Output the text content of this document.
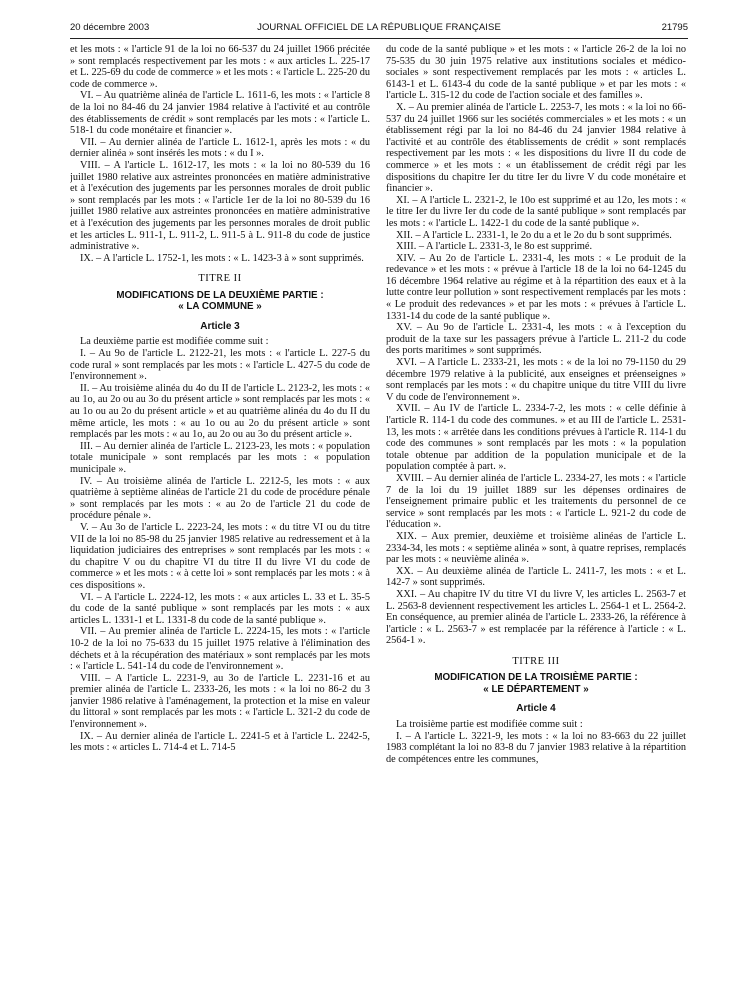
20 décembre 2003	JOURNAL OFFICIEL DE LA RÉPUBLIQUE FRANÇAISE	21795

et les mots : « l'article 91 de la loi no 66-537 du 24 juillet 1966 précitée » sont remplacés respectivement par les mots : « aux articles L. 225-17 et L. 225-69 du code de commerce » et les mots : « l'article L. 225-20 du code de commerce ».

VI. – Au quatrième alinéa de l'article L. 1611-6, les mots : « l'article 8 de la loi no 84-46 du 24 janvier 1984 relative à l'activité et au contrôle des établissements de crédit » sont remplacés par les mots : « l'article L. 518-1 du code monétaire et financier ».

VII. – Au dernier alinéa de l'article L. 1612-1, après les mots : « du dernier alinéa » sont insérés les mots : « du I ».

VIII. – A l'article L. 1612-17, les mots : « la loi no 80-539 du 16 juillet 1980 relative aux astreintes prononcées en matière administrative et à l'exécution des jugements par les personnes morales de droit public » sont remplacés par les mots : « l'article 1er de la loi no 80-539 du 16 juillet 1980 relative aux astreintes prononcées en matière administrative et à l'exécution des jugements par les personnes morales de droit public et les articles L. 911-1, L. 911-2, L. 911-5 à L. 911-8 du code de justice administrative ».

IX. – A l'article L. 1752-1, les mots : « L. 1423-3 à » sont supprimés.

TITRE II

MODIFICATIONS DE LA DEUXIÈME PARTIE :

« LA COMMUNE »

Article 3

La deuxième partie est modifiée comme suit :

I. – Au 9o de l'article L. 2122-21, les mots : « l'article L. 227-5 du code rural » sont remplacés par les mots : « l'article L. 427-5 du code de l'environnement ».

II. – Au troisième alinéa du 4o du II de l'article L. 2123-2, les mots : « au 1o, au 2o ou au 3o du présent article » sont remplacés par les mots : « au 1o ou au 2o du présent article » et au quatrième alinéa du 4o du II du même article, les mots : « au 1o ou au 2o du présent article » sont remplacés par les mots : « au 1o, au 2o ou au 3o du présent article ».

III. – Au dernier alinéa de l'article L. 2123-23, les mots : « population totale municipale » sont remplacés par les mots : « population municipale ».

IV. – Au troisième alinéa de l'article L. 2212-5, les mots : « aux quatrième à septième alinéas de l'article 21 du code de procédure pénale » sont remplacés par les mots : « au 2o de l'article 21 du code de procédure pénale ».

V. – Au 3o de l'article L. 2223-24, les mots : « du titre VI ou du titre VII de la loi no 85-98 du 25 janvier 1985 relative au redressement et à la liquidation judiciaires des entreprises » sont remplacés par les mots : « du chapitre V ou du chapitre VI du titre II du livre VI du code de commerce » et les mots : « à cette loi » sont remplacés par les mots : « à ces dispositions ».

VI. – A l'article L. 2224-12, les mots : « aux articles L. 33 et L. 35-5 du code de la santé publique » sont remplacés par les mots : « aux articles L. 1331-1 et L. 1331-8 du code de la santé publique ».

VII. – Au premier alinéa de l'article L. 2224-15, les mots : « l'article 10-2 de la loi no 75-633 du 15 juillet 1975 relative à l'élimination des déchets et à la récupération des matériaux » sont remplacés par les mots : « l'article L. 541-14 du code de l'environnement ».

VIII. – A l'article L. 2231-9, au 3o de l'article L. 2231-16 et au premier alinéa de l'article L. 2333-26, les mots : « la loi no 86-2 du 3 janvier 1986 relative à l'aménagement, la protection et la mise en valeur du littoral » sont remplacés par les mots : « l'article L. 321-2 du code de l'environnement ».

IX. – Au dernier alinéa de l'article L. 2241-5 et à l'article L. 2242-5, les mots : « articles L. 714-4 et L. 714-5

du code de la santé publique » et les mots : « l'article 26-2 de la loi no 75-535 du 30 juin 1975 relative aux institutions sociales et médico-sociales » sont respectivement remplacés par les mots : « articles L. 6143-1 et L. 6143-4 du code de la santé publique » et par les mots : « l'article L. 315-12 du code de l'action sociale et des familles ».

X. – Au premier alinéa de l'article L. 2253-7, les mots : « la loi no 66-537 du 24 juillet 1966 sur les sociétés commerciales » et les mots : « un établissement régi par la loi no 84-46 du 24 janvier 1984 relative à l'activité et au contrôle des établissements de crédit » sont remplacés respectivement par les mots : « les dispositions du livre II du code de commerce » et les mots : « un établissement de crédit régi par les dispositions du chapitre Ier du titre Ier du livre V du code monétaire et financier ».

XI. – A l'article L. 2321-2, le 10o est supprimé et au 12o, les mots : « le titre Ier du livre Ier du code de la santé publique » sont remplacés par les mots : « l'article L. 1422-1 du code de la santé publique ».

XII. – A l'article L. 2331-1, le 2o du a et le 2o du b sont supprimés.

XIII. – A l'article L. 2331-3, le 8o est supprimé.

XIV. – Au 2o de l'article L. 2331-4, les mots : « Le produit de la redevance » et les mots : « prévue à l'article 18 de la loi no 64-1245 du 16 décembre 1964 relative au régime et à la répartition des eaux et à la lutte contre leur pollution » sont respectivement remplacés par les mots : « Le produit des redevances » et par les mots : « prévues à l'article L. 1331-14 du code de la santé publique ».

XV. – Au 9o de l'article L. 2331-4, les mots : « à l'exception du produit de la taxe sur les passagers prévue à l'article L. 211-2 du code des ports maritimes » sont supprimés.

XVI. – A l'article L. 2333-21, les mots : « de la loi no 79-1150 du 29 décembre 1979 relative à la publicité, aux enseignes et préenseignes » sont remplacés par les mots : « du chapitre unique du titre VIII du livre V du code de l'environnement ».

XVII. – Au IV de l'article L. 2334-7-2, les mots : « celle définie à l'article R. 114-1 du code des communes. » et au III de l'article L. 2531-13, les mots : « arrêtée dans les conditions prévues à l'article R. 114-1 du code des communes » sont remplacés par les mots : « la population totale obtenue par addition de la population municipale et de la population comptée à part. ».

XVIII. – Au dernier alinéa de l'article L. 2334-27, les mots : « l'article 7 de la loi du 19 juillet 1889 sur les dépenses ordinaires de l'enseignement primaire public et les traitements du personnel de ce service » sont remplacés par les mots : « l'article L. 921-2 du code de l'éducation ».

XIX. – Aux premier, deuxième et troisième alinéas de l'article L. 2334-34, les mots : « septième alinéa » sont, à quatre reprises, remplacés par les mots : « neuvième alinéa ».

XX. – Au deuxième alinéa de l'article L. 2411-7, les mots : « et L. 142-7 » sont supprimés.

XXI. – Au chapitre IV du titre VI du livre V, les articles L. 2563-7 et L. 2563-8 deviennent respectivement les articles L. 2564-1 et L. 2564-2. En conséquence, au premier alinéa de l'article L. 2333-26, la référence à l'article : « L. 2563-7 » est remplacée par la référence à l'article : « L. 2564-1 ».

TITRE III

MODIFICATION DE LA TROISIÈME PARTIE :

« LE DÉPARTEMENT »

Article 4

La troisième partie est modifiée comme suit :

I. – A l'article L. 3221-9, les mots : « la loi no 83-663 du 22 juillet 1983 complétant la loi no 83-8 du 7 janvier 1983 relative à la répartition de compétences entre les communes,
